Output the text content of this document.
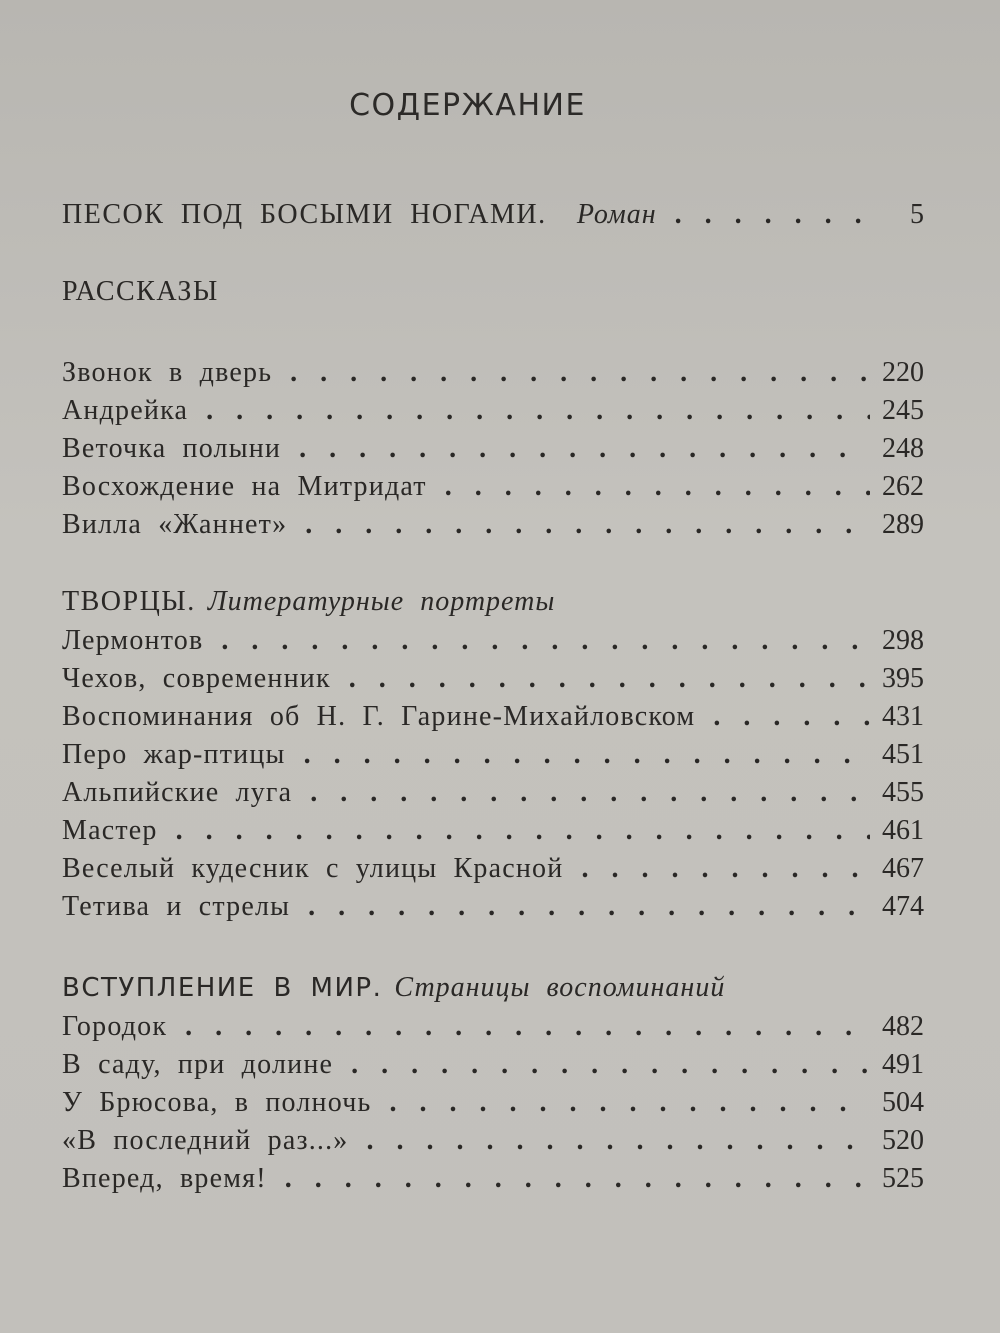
СОДЕРЖАНИЕ
ПЕСОК ПОД БОСЫМИ НОГАМИ. Роман . . .	5
РАССКАЗЫ
Звонок в дверь . . .	220
Андрейка . . .	245
Веточка полыни . . .	248
Восхождение на Митридат . . .	262
Вилла «Жаннет» . . .	289
ТВОРЦЫ. Литературные портреты
Лермонтов . . .	298
Чехов, современник . . .	395
Воспоминания об Н. Г. Гарине-Михайловском . . .	431
Перо жар-птицы . . .	451
Альпийские луга . . .	455
Мастер . . .	461
Веселый кудесник с улицы Красной . . .	467
Тетива и стрелы . . .	474
ВСТУПЛЕНИЕ В МИР. Страницы воспоминаний
Городок . . .	482
В саду, при долине . . .	491
У Брюсова, в полночь . . .	504
«В последний раз...» . . .	520
Вперед, время! . . .	525
